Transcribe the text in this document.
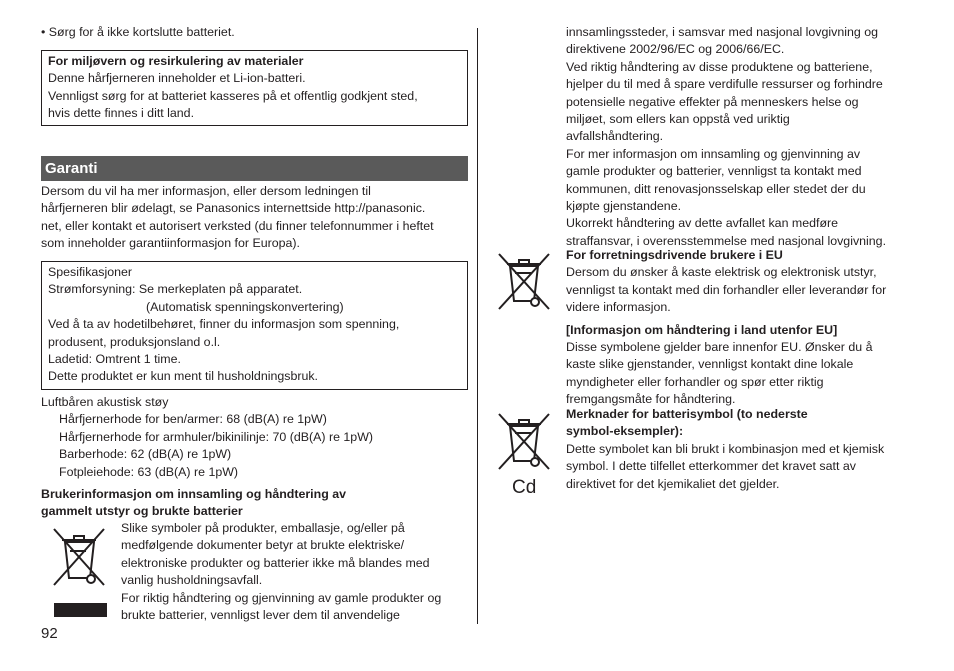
• Sørg for å ikke kortslutte batteriet.

For miljøvern og resirkulering av materialer

Denne hårfjerneren inneholder et Li-ion-batteri.

Vennligst sørg for at batteriet kasseres på et offentlig godkjent sted,

hvis dette finnes i ditt land.

Garanti

Dersom du vil ha mer informasjon, eller dersom ledningen til

hårfjerneren blir ødelagt, se Panasonics internettside http://panasonic.

net, eller kontakt et autorisert verksted (du finner telefonnummer i heftet

som inneholder garantiinformasjon for Europa).

Spesifikasjoner

Strømforsyning: Se merkeplaten på apparatet.

(Automatisk spenningskonvertering)

Ved å ta av hodetilbehøret, finner du informasjon som spenning,

produsent, produksjonsland o.l.

Ladetid: Omtrent 1 time.

Dette produktet er kun ment til husholdningsbruk.

Luftbåren akustisk støy

Hårfjernerhode for ben/armer: 68 (dB(A) re 1pW)

Hårfjernerhode for armhuler/bikinilinje: 70 (dB(A) re 1pW)

Barberhode: 62 (dB(A) re 1pW)

Fotpleiehode: 63 (dB(A) re 1pW)

Brukerinformasjon om innsamling og håndtering av

gammelt utstyr og brukte batterier

Slike symboler på produkter, emballasje, og/eller på

medfølgende dokumenter betyr at brukte elektriske/

elektroniske produkter og batterier ikke må blandes med

vanlig husholdningsavfall.

For riktig håndtering og gjenvinning av gamle produkter og

brukte batterier, vennligst lever dem til anvendelige

92

innsamlingssteder, i samsvar med nasjonal lovgivning og

direktivene 2002/96/EC og 2006/66/EC.

Ved riktig håndtering av disse produktene og batteriene,

hjelper du til med å spare verdifulle ressurser og forhindre

potensielle negative effekter på menneskers helse og

miljøet, som ellers kan oppstå ved uriktig

avfallshåndtering.

For mer informasjon om innsamling og gjenvinning av

gamle produkter og batterier, vennligst ta kontakt med

kommunen, ditt renovasjonsselskap eller stedet der du

kjøpte gjenstandene.

Ukorrekt håndtering av dette avfallet kan medføre

straffansvar, i overensstemmelse med nasjonal lovgivning.

For forretningsdrivende brukere i EU

Dersom du ønsker å kaste elektrisk og elektronisk utstyr,

vennligst ta kontakt med din forhandler eller leverandør for

videre informasjon.

[Informasjon om håndtering i land utenfor EU]

Disse symbolene gjelder bare innenfor EU. Ønsker du å

kaste slike gjenstander, vennligst kontakt dine lokale

myndigheter eller forhandler og spør etter riktig

fremgangsmåte for håndtering.

Cd

Merknader for batterisymbol (to nederste

symbol-eksempler):

Dette symbolet kan bli brukt i kombinasjon med et kjemisk

symbol. I dette tilfellet etterkommer det kravet satt av

direktivet for det kjemikaliet det gjelder.
